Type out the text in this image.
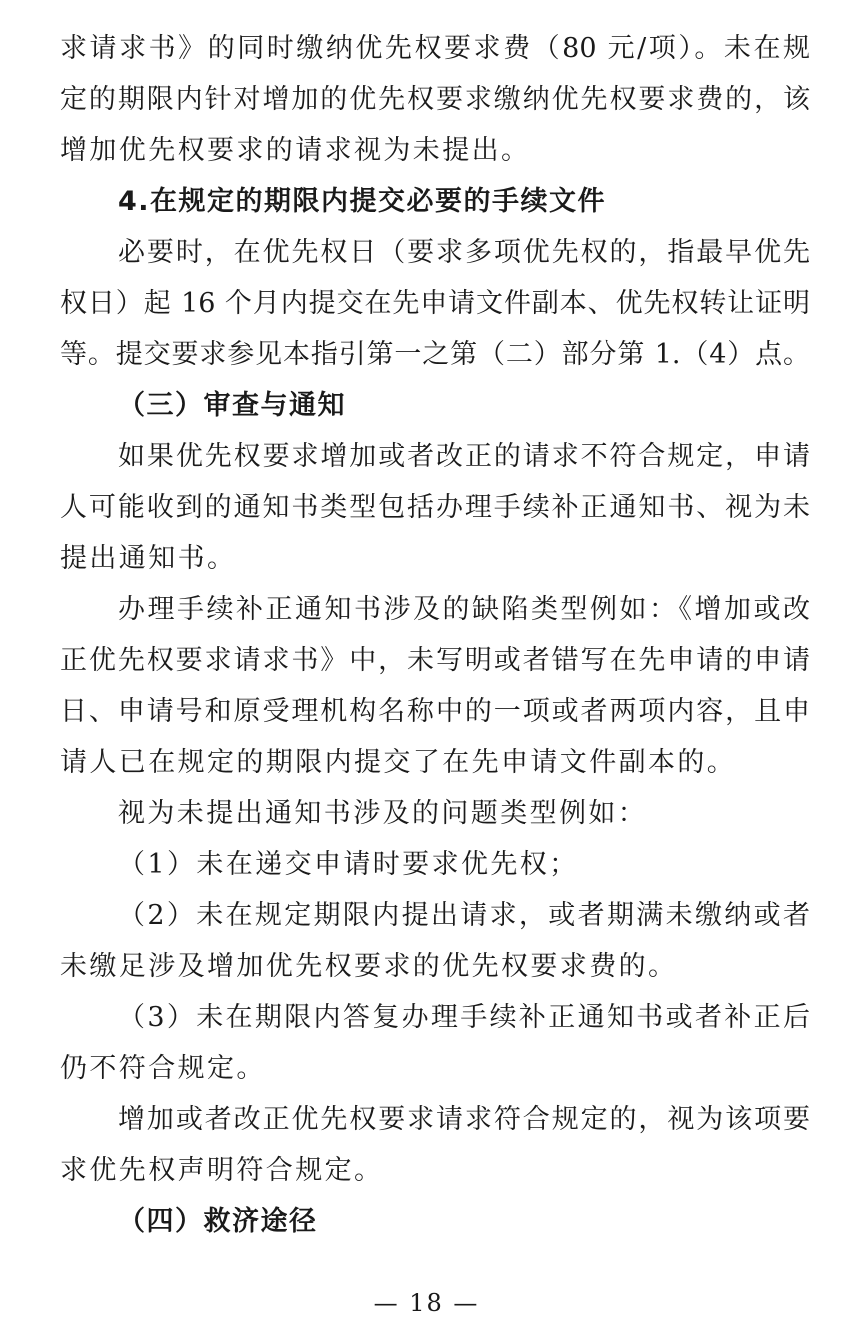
求请求书》的同时缴纳优先权要求费（80 元/项）。未在规
定的期限内针对增加的优先权要求缴纳优先权要求费的，该
增加优先权要求的请求视为未提出。
4.在规定的期限内提交必要的手续文件
必要时，在优先权日（要求多项优先权的，指最早优先
权日）起 16 个月内提交在先申请文件副本、优先权转让证明
等。提交要求参见本指引第一之第（二）部分第 1.（4）点。
（三）审查与通知
如果优先权要求增加或者改正的请求不符合规定，申请
人可能收到的通知书类型包括办理手续补正通知书、视为未
提出通知书。
办理手续补正通知书涉及的缺陷类型例如：《增加或改
正优先权要求请求书》中，未写明或者错写在先申请的申请
日、申请号和原受理机构名称中的一项或者两项内容，且申
请人已在规定的期限内提交了在先申请文件副本的。
视为未提出通知书涉及的问题类型例如：
（1）未在递交申请时要求优先权；
（2）未在规定期限内提出请求，或者期满未缴纳或者
未缴足涉及增加优先权要求的优先权要求费的。
（3）未在期限内答复办理手续补正通知书或者补正后
仍不符合规定。
增加或者改正优先权要求请求符合规定的，视为该项要
求优先权声明符合规定。
（四）救济途径
— 18 —
